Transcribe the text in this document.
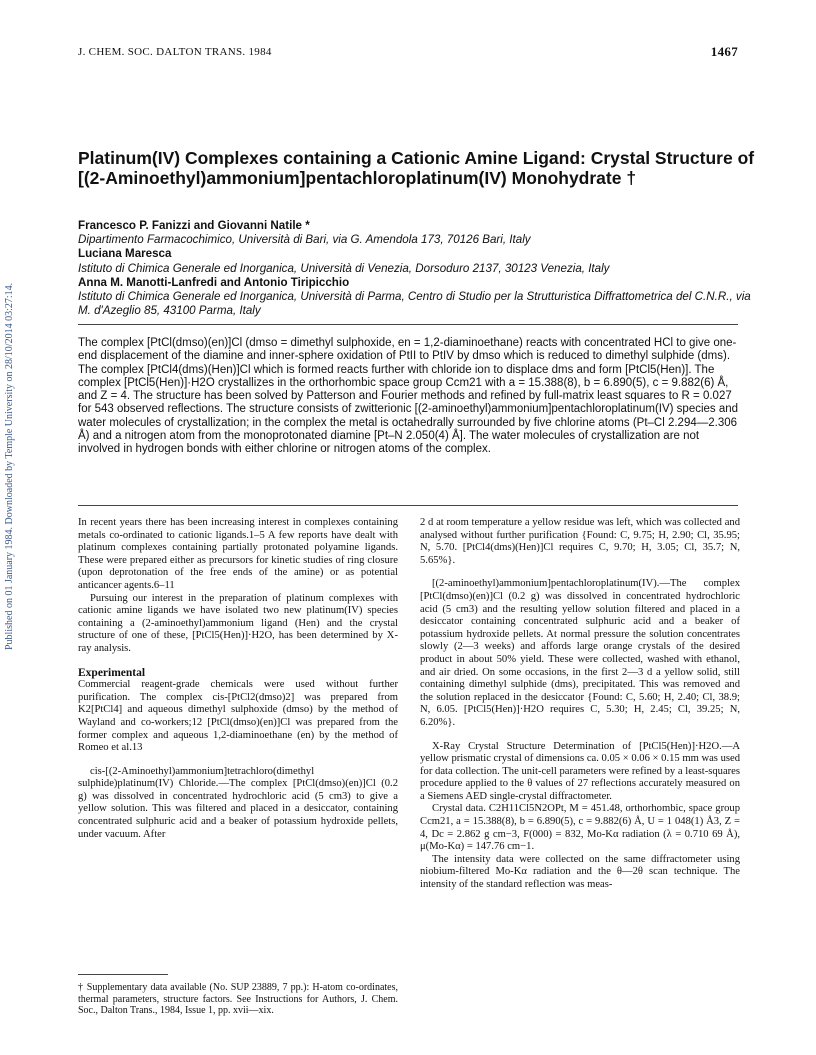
J. CHEM. SOC. DALTON TRANS. 1984	1467
Published on 01 January 1984. Downloaded by Temple University on 28/10/2014 03:27:14.
Platinum(IV) Complexes containing a Cationic Amine Ligand: Crystal Structure of [(2-Aminoethyl)ammonium]pentachloroplatinum(IV) Monohydrate †
Francesco P. Fanizzi and Giovanni Natile *
Dipartimento Farmacochimico, Università di Bari, via G. Amendola 173, 70126 Bari, Italy
Luciana Maresca
Istituto di Chimica Generale ed Inorganica, Università di Venezia, Dorsoduro 2137, 30123 Venezia, Italy
Anna M. Manotti-Lanfredi and Antonio Tiripicchio
Istituto di Chimica Generale ed Inorganica, Università di Parma, Centro di Studio per la Strutturistica Diffrattometrica del C.N.R., via M. d'Azeglio 85, 43100 Parma, Italy

The complex [PtCl(dmso)(en)]Cl (dmso = dimethyl sulphoxide, en = 1,2-diaminoethane) reacts with concentrated HCl to give one-end displacement of the diamine and inner-sphere oxidation of PtII to PtIV by dmso which is reduced to dimethyl sulphide (dms). The complex [PtCl4(dms)(Hen)]Cl which is formed reacts further with chloride ion to displace dms and form [PtCl5(Hen)]. The complex [PtCl5(Hen)]·H2O crystallizes in the orthorhombic space group Ccm21 with a = 15.388(8), b = 6.890(5), c = 9.882(6) Å, and Z = 4. The structure has been solved by Patterson and Fourier methods and refined by full-matrix least squares to R = 0.027 for 543 observed reflections. The structure consists of zwitterionic [(2-aminoethyl)ammonium]pentachloroplatinum(IV) species and water molecules of crystallization; in the complex the metal is octahedrally surrounded by five chlorine atoms (Pt–Cl 2.294—2.306 Å) and a nitrogen atom from the monoprotonated diamine [Pt–N 2.050(4) Å]. The water molecules of crystallization are not involved in hydrogen bonds with either chlorine or nitrogen atoms of the complex.

In recent years there has been increasing interest in complexes containing metals co-ordinated to cationic ligands.1–5 A few reports have dealt with platinum complexes containing partially protonated polyamine ligands. These were prepared either as precursors for kinetic studies of ring closure (upon deprotonation of the free ends of the amine) or as potential anticancer agents.6–11

Pursuing our interest in the preparation of platinum complexes with cationic amine ligands we have isolated two new platinum(IV) species containing a (2-aminoethyl)ammonium ligand (Hen) and the crystal structure of one of these, [PtCl5(Hen)]·H2O, has been determined by X-ray analysis.

Experimental

Commercial reagent-grade chemicals were used without further purification. The complex cis-[PtCl2(dmso)2] was prepared from K2[PtCl4] and aqueous dimethyl sulphoxide (dmso) by the method of Wayland and co-workers;12 [PtCl(dmso)(en)]Cl was prepared from the former complex and aqueous 1,2-diaminoethane (en) by the method of Romeo et al.13

cis-[(2-Aminoethyl)ammonium]tetrachloro(dimethyl sulphide)platinum(IV) Chloride.—The complex [PtCl(dmso)(en)]Cl (0.2 g) was dissolved in concentrated hydrochloric acid (5 cm3) to give a yellow solution. This was filtered and placed in a desiccator, containing concentrated sulphuric acid and a beaker of potassium hydroxide pellets, under vacuum. After

2 d at room temperature a yellow residue was left, which was collected and analysed without further purification {Found: C, 9.75; H, 2.90; Cl, 35.95; N, 5.70. [PtCl4(dms)(Hen)]Cl requires C, 9.70; H, 3.05; Cl, 35.7; N, 5.65%}.

[(2-aminoethyl)ammonium]pentachloroplatinum(IV).—The complex [PtCl(dmso)(en)]Cl (0.2 g) was dissolved in concentrated hydrochloric acid (5 cm3) and the resulting yellow solution filtered and placed in a desiccator containing concentrated sulphuric acid and a beaker of potassium hydroxide pellets. At normal pressure the solution concentrates slowly (2—3 weeks) and affords large orange crystals of the desired product in about 50% yield. These were collected, washed with ethanol, and air dried. On some occasions, in the first 2—3 d a yellow solid, still containing dimethyl sulphide (dms), precipitated. This was removed and the solution replaced in the desiccator {Found: C, 5.60; H, 2.40; Cl, 38.9; N, 6.05. [PtCl5(Hen)]·H2O requires C, 5.30; H, 2.45; Cl, 39.25; N, 6.20%}.

X-Ray Crystal Structure Determination of [PtCl5(Hen)]·H2O.—A yellow prismatic crystal of dimensions ca. 0.05 × 0.06 × 0.15 mm was used for data collection. The unit-cell parameters were refined by a least-squares procedure applied to the θ values of 27 reflections accurately measured on a Siemens AED single-crystal diffractometer.

Crystal data. C2H11Cl5N2OPt, M = 451.48, orthorhombic, space group Ccm21, a = 15.388(8), b = 6.890(5), c = 9.882(6) Å, U = 1 048(1) Å3, Z = 4, Dc = 2.862 g cm−3, F(000) = 832, Mo-Kα radiation (λ = 0.710 69 Å), μ(Mo-Kα) = 147.76 cm−1.

The intensity data were collected on the same diffractometer using niobium-filtered Mo-Kα radiation and the θ—2θ scan technique. The intensity of the standard reflection was meas-

† Supplementary data available (No. SUP 23889, 7 pp.): H-atom co-ordinates, thermal parameters, structure factors. See Instructions for Authors, J. Chem. Soc., Dalton Trans., 1984, Issue 1, pp. xvii—xix.
